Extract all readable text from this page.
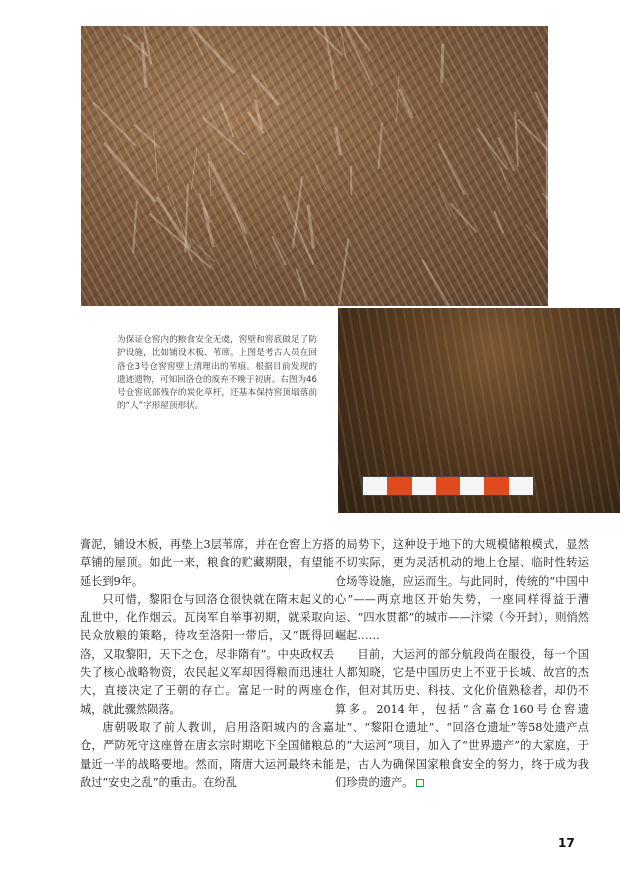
为保证仓窖内的粮食安全无虞，窖壁和窖底做足了防护设施，比如铺设木板、苇席。上图是考古人员在回洛仓3号仓窖窖壁上清理出的苇痕。根据目前发现的遗迹遗物，可知回洛仓的废弃不晚于初唐。右图为46号仓窖底部残存的炭化草杆，还基本保持窖顶塌落前的“人”字形屋顶形状。

膏泥，铺设木板，再垫上3层苇席，并在仓窖上方搭草铺的屋顶。如此一来，粮食的贮藏期限，有望能延长到9年。

只可惜，黎阳仓与回洛仓很快就在隋末起义的乱世中，化作烟云。瓦岗军自举事初期，就采取向民众放粮的策略，待攻至洛阳一带后，又“既得回洛，又取黎阳，天下之仓，尽非隋有”。中央政权丢失了核心战略物资，农民起义军却因得粮而迅速壮大，直接决定了王朝的存亡。富足一时的两座仓城，就此骤然陨落。

唐朝吸取了前人教训，启用洛阳城内的含嘉仓，严防死守这座曾在唐玄宗时期吃下全国储粮总量近一半的战略要地。然而，隋唐大运河最终未能敌过“安史之乱”的重击。在纷乱

的局势下，这种设于地下的大规模储粮模式，显然不切实际，更为灵活机动的地上仓屋、临时性转运仓场等设施，应运而生。与此同时，传统的“中国中心”——两京地区开始失势，一座同样得益于漕运、“四水贯都”的城市——汴梁（今开封），则悄然崛起……

目前，大运河的部分航段尚在服役，每一个国人都知晓，它是中国历史上不亚于长城、故宫的杰作，但对其历史、科技、文化价值熟稔者，却仍不算多。2014年，包括“含嘉仓160号仓窖遗址”、“黎阳仓遗址”、“回洛仓遗址”等58处遗产点的“大运河”项目，加入了“世界遗产”的大家庭，于是，古人为确保国家粮食安全的努力，终于成为我们珍贵的遗产。

17
